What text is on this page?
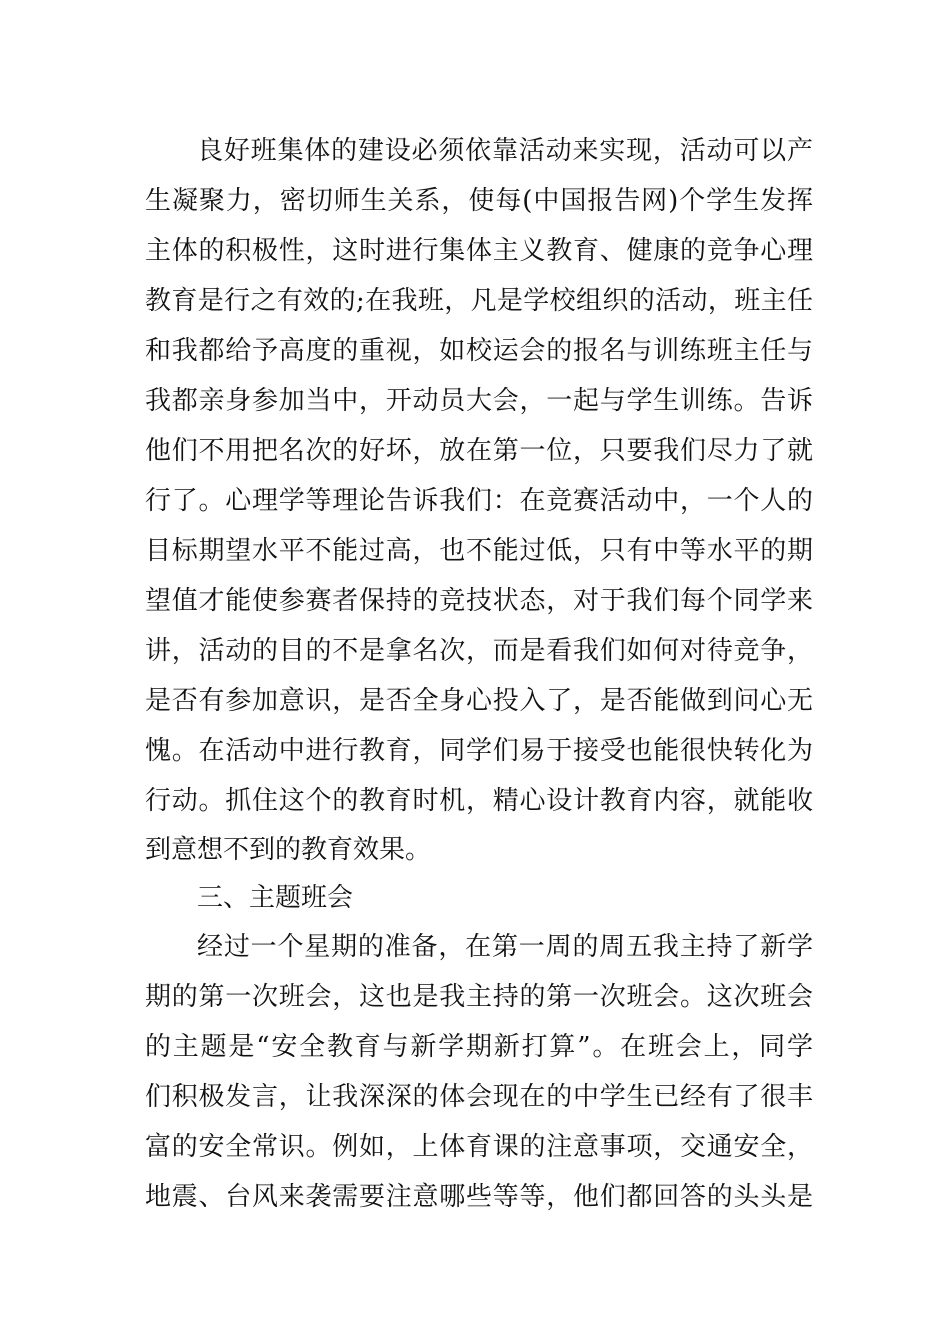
良好班集体的建设必须依靠活动来实现，活动可以产
生凝聚力，密切师生关系，使每(中国报告网)个学生发挥
主体的积极性，这时进行集体主义教育、健康的竞争心理
教育是行之有效的;在我班，凡是学校组织的活动，班主任
和我都给予高度的重视，如校运会的报名与训练班主任与
我都亲身参加当中，开动员大会，一起与学生训练。告诉
他们不用把名次的好坏，放在第一位，只要我们尽力了就
行了。心理学等理论告诉我们：在竞赛活动中，一个人的
目标期望水平不能过高，也不能过低，只有中等水平的期
望值才能使参赛者保持的竞技状态，对于我们每个同学来
讲，活动的目的不是拿名次，而是看我们如何对待竞争，
是否有参加意识，是否全身心投入了，是否能做到问心无
愧。在活动中进行教育，同学们易于接受也能很快转化为
行动。抓住这个的教育时机，精心设计教育内容，就能收
到意想不到的教育效果。
三、主题班会
经过一个星期的准备，在第一周的周五我主持了新学
期的第一次班会，这也是我主持的第一次班会。这次班会
的主题是“安全教育与新学期新打算”。在班会上，同学
们积极发言，让我深深的体会现在的中学生已经有了很丰
富的安全常识。例如，上体育课的注意事项，交通安全，
地震、台风来袭需要注意哪些等等，他们都回答的头头是
